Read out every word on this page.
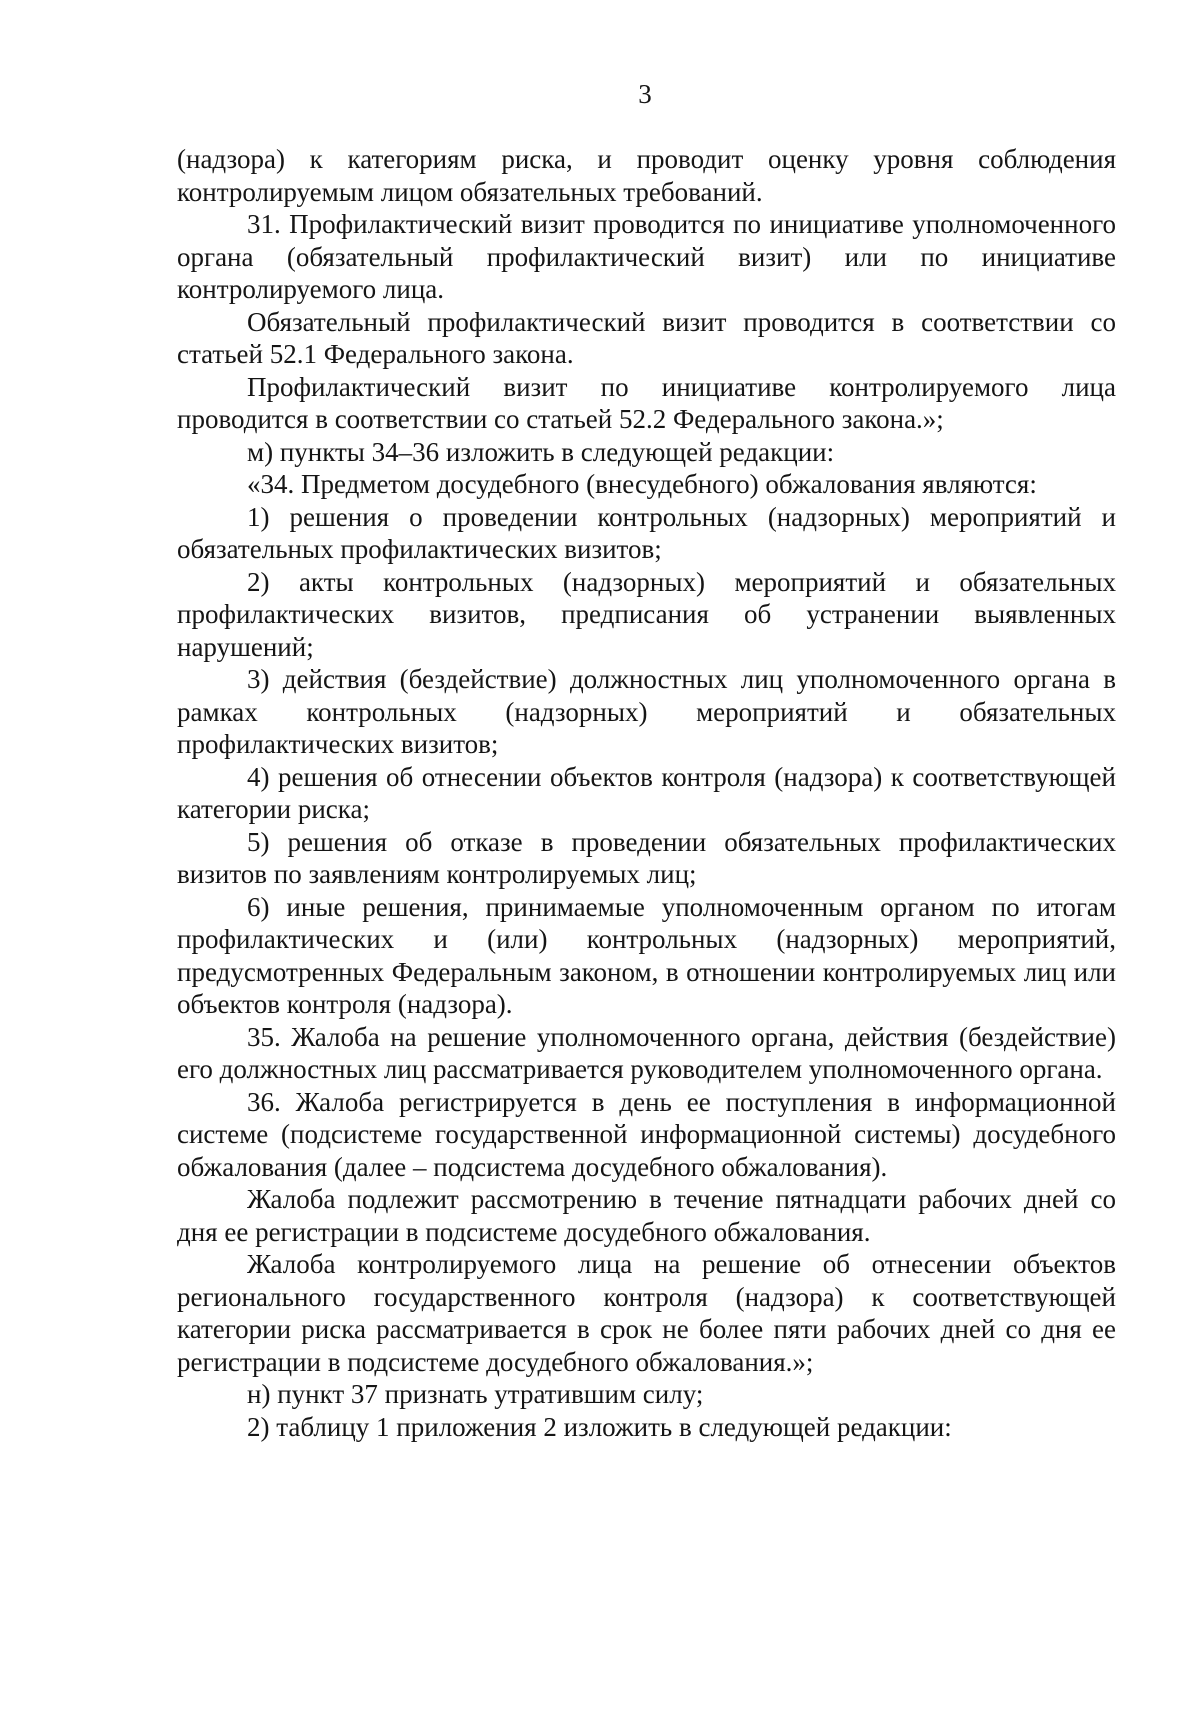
3

(надзора) к категориям риска, и проводит оценку уровня соблюдения контролируемым лицом обязательных требований.

31. Профилактический визит проводится по инициативе уполномоченного органа (обязательный профилактический визит) или по инициативе контролируемого лица.

Обязательный профилактический визит проводится в соответствии со статьей 52.1 Федерального закона.

Профилактический визит по инициативе контролируемого лица проводится в соответствии со статьей 52.2 Федерального закона.»;

м) пункты 34–36 изложить в следующей редакции:

«34. Предметом досудебного (внесудебного) обжалования являются:

1) решения о проведении контрольных (надзорных) мероприятий и обязательных профилактических визитов;

2) акты контрольных (надзорных) мероприятий и обязательных профилактических визитов, предписания об устранении выявленных нарушений;

3) действия (бездействие) должностных лиц уполномоченного органа в рамках контрольных (надзорных) мероприятий и обязательных профилактических визитов;

4) решения об отнесении объектов контроля (надзора) к соответствующей категории риска;

5) решения об отказе в проведении обязательных профилактических визитов по заявлениям контролируемых лиц;

6) иные решения, принимаемые уполномоченным органом по итогам профилактических и (или) контрольных (надзорных) мероприятий, предусмотренных Федеральным законом, в отношении контролируемых лиц или объектов контроля (надзора).

35. Жалоба на решение уполномоченного органа, действия (бездействие) его должностных лиц рассматривается руководителем уполномоченного органа.

36. Жалоба регистрируется в день ее поступления в информационной системе (подсистеме государственной информационной системы) досудебного обжалования (далее – подсистема досудебного обжалования).

Жалоба подлежит рассмотрению в течение пятнадцати рабочих дней со дня ее регистрации в подсистеме досудебного обжалования.

Жалоба контролируемого лица на решение об отнесении объектов регионального государственного контроля (надзора) к соответствующей категории риска рассматривается в срок не более пяти рабочих дней со дня ее регистрации в подсистеме досудебного обжалования.»;

н) пункт 37 признать утратившим силу;

2) таблицу 1 приложения 2 изложить в следующей редакции:
